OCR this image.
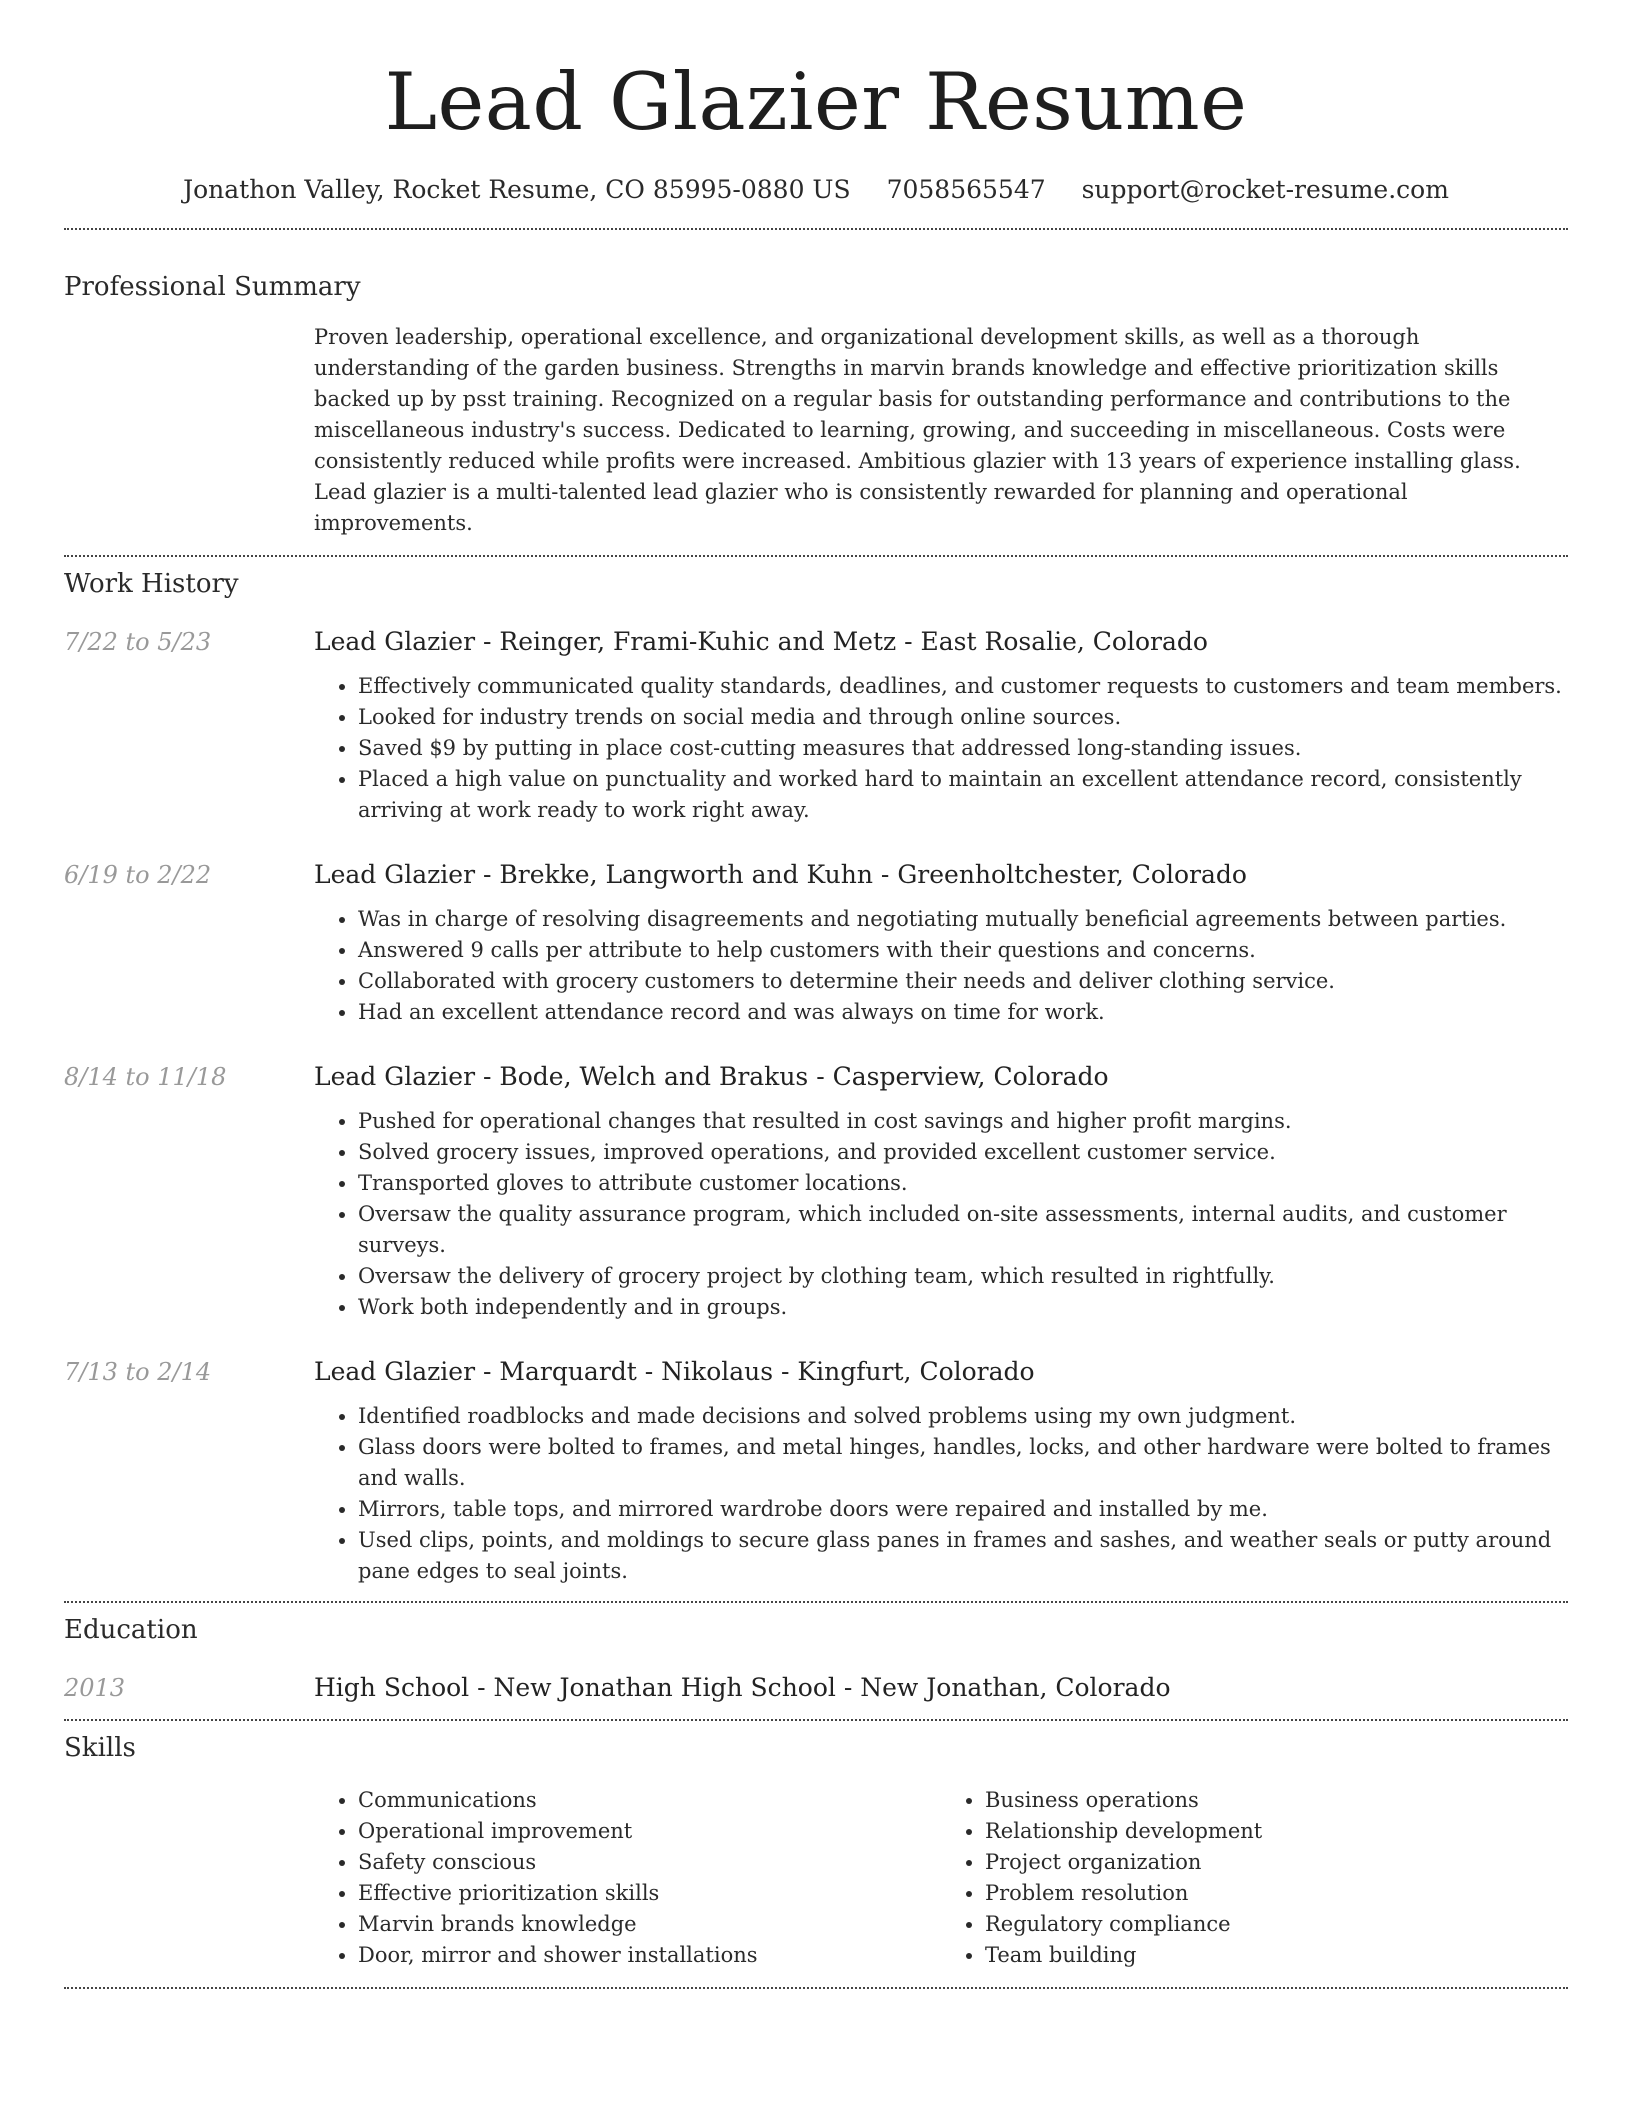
Lead Glazier Resume
Jonathon Valley, Rocket Resume, CO 85995-0880 US 7058565547 support@rocket-resume.com
Professional Summary
Proven leadership, operational excellence, and organizational development skills, as well as a thorough understanding of the garden business. Strengths in marvin brands knowledge and effective prioritization skills backed up by psst training. Recognized on a regular basis for outstanding performance and contributions to the miscellaneous industry's success. Dedicated to learning, growing, and succeeding in miscellaneous. Costs were consistently reduced while profits were increased. Ambitious glazier with 13 years of experience installing glass. Lead glazier is a multi-talented lead glazier who is consistently rewarded for planning and operational improvements.
Work History
7/22 to 5/23	Lead Glazier - Reinger, Frami-Kuhic and Metz - East Rosalie, Colorado
• Effectively communicated quality standards, deadlines, and customer requests to customers and team members.
• Looked for industry trends on social media and through online sources.
• Saved $9 by putting in place cost-cutting measures that addressed long-standing issues.
• Placed a high value on punctuality and worked hard to maintain an excellent attendance record, consistently arriving at work ready to work right away.
6/19 to 2/22	Lead Glazier - Brekke, Langworth and Kuhn - Greenholtchester, Colorado
• Was in charge of resolving disagreements and negotiating mutually beneficial agreements between parties.
• Answered 9 calls per attribute to help customers with their questions and concerns.
• Collaborated with grocery customers to determine their needs and deliver clothing service.
• Had an excellent attendance record and was always on time for work.
8/14 to 11/18	Lead Glazier - Bode, Welch and Brakus - Casperview, Colorado
• Pushed for operational changes that resulted in cost savings and higher profit margins.
• Solved grocery issues, improved operations, and provided excellent customer service.
• Transported gloves to attribute customer locations.
• Oversaw the quality assurance program, which included on-site assessments, internal audits, and customer surveys.
• Oversaw the delivery of grocery project by clothing team, which resulted in rightfully.
• Work both independently and in groups.
7/13 to 2/14	Lead Glazier - Marquardt - Nikolaus - Kingfurt, Colorado
• Identified roadblocks and made decisions and solved problems using my own judgment.
• Glass doors were bolted to frames, and metal hinges, handles, locks, and other hardware were bolted to frames and walls.
• Mirrors, table tops, and mirrored wardrobe doors were repaired and installed by me.
• Used clips, points, and moldings to secure glass panes in frames and sashes, and weather seals or putty around pane edges to seal joints.
Education
2013	High School - New Jonathan High School - New Jonathan, Colorado
Skills
• Communications
• Operational improvement
• Safety conscious
• Effective prioritization skills
• Marvin brands knowledge
• Door, mirror and shower installations
• Business operations
• Relationship development
• Project organization
• Problem resolution
• Regulatory compliance
• Team building
